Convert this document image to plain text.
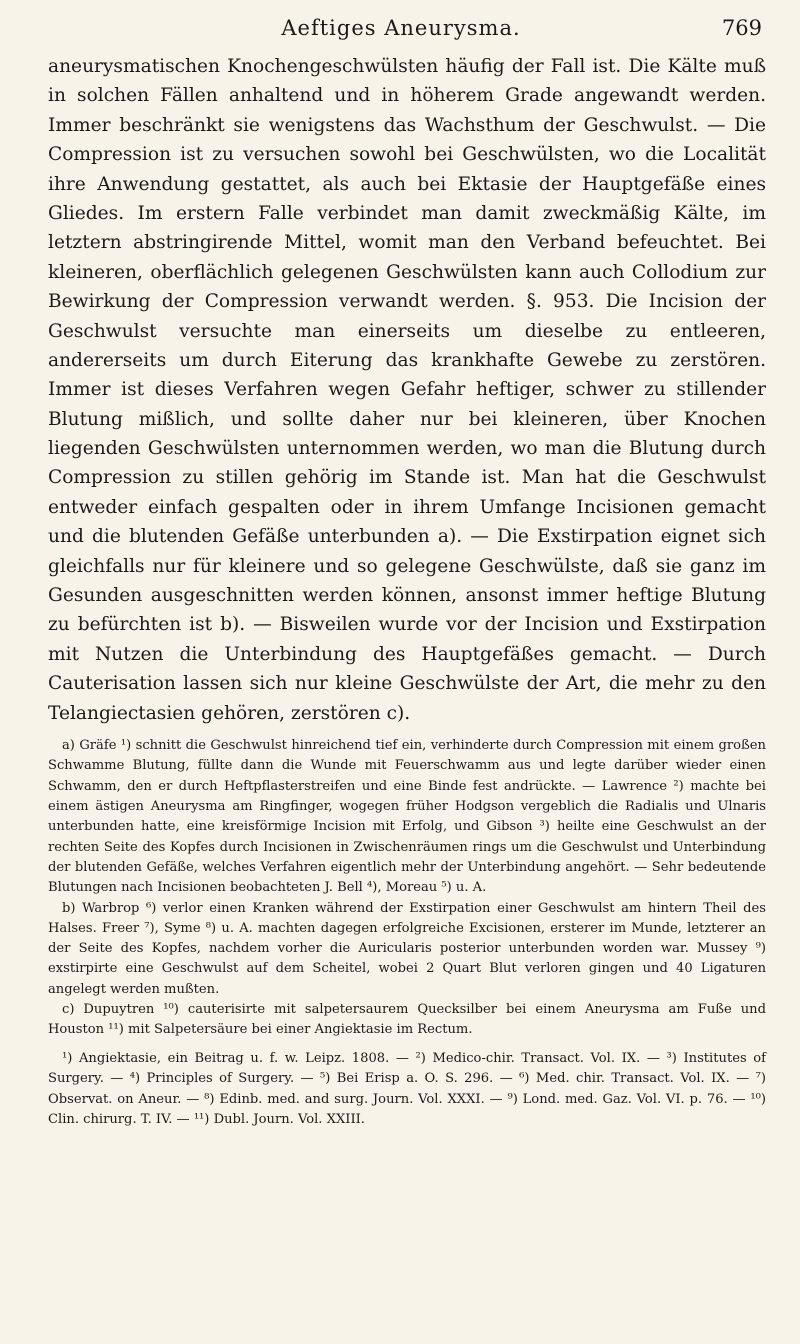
Aeftiges Aneurysma.	769

aneurysmatischen Knochengeschwülsten häufig der Fall ist. Die Kälte muß in solchen Fällen anhaltend und in höherem Grade angewandt werden. Immer beschränkt sie wenigstens das Wachsthum der Geschwulst. — Die Compression ist zu versuchen sowohl bei Geschwülsten, wo die Localität ihre Anwendung gestattet, als auch bei Ektasie der Hauptgefäße eines Gliedes. Im erstern Falle verbindet man damit zweckmäßig Kälte, im letztern abstringirende Mittel, womit man den Verband befeuchtet. Bei kleineren, oberflächlich gelegenen Geschwülsten kann auch Collodium zur Bewirkung der Compression verwandt werden. §. 953. Die Incision der Geschwulst versuchte man einerseits um dieselbe zu entleeren, andererseits um durch Eiterung das krankhafte Gewebe zu zerstören. Immer ist dieses Verfahren wegen Gefahr heftiger, schwer zu stillender Blutung mißlich, und sollte daher nur bei kleineren, über Knochen liegenden Geschwülsten unternommen werden, wo man die Blutung durch Compression zu stillen gehörig im Stande ist. Man hat die Geschwulst entweder einfach gespalten oder in ihrem Umfange Incisionen gemacht und die blutenden Gefäße unterbunden a). — Die Exstirpation eignet sich gleichfalls nur für kleinere und so gelegene Geschwülste, daß sie ganz im Gesunden ausgeschnitten werden können, ansonst immer heftige Blutung zu befürchten ist b). — Bisweilen wurde vor der Incision und Exstirpation mit Nutzen die Unterbindung des Hauptgefäßes gemacht. — Durch Cauterisation lassen sich nur kleine Geschwülste der Art, die mehr zu den Telangiectasien gehören, zerstören c).

a) Gräfe ¹) schnitt die Geschwulst hinreichend tief ein, verhinderte durch Compression mit einem großen Schwamme Blutung, füllte dann die Wunde mit Feuerschwamm aus und legte darüber wieder einen Schwamm, den er durch Heftpflasterstreifen und eine Binde fest andrückte. — Lawrence ²) machte bei einem ästigen Aneurysma am Ringfinger, wogegen früher Hodgson vergeblich die Radialis und Ulnaris unterbunden hatte, eine kreisförmige Incision mit Erfolg, und Gibson ³) heilte eine Geschwulst an der rechten Seite des Kopfes durch Incisionen in Zwischenräumen rings um die Geschwulst und Unterbindung der blutenden Gefäße, welches Verfahren eigentlich mehr der Unterbindung angehört. — Sehr bedeutende Blutungen nach Incisionen beobachteten J. Bell ⁴), Moreau ⁵) u. A.

b) Warbrop ⁶) verlor einen Kranken während der Exstirpation einer Geschwulst am hintern Theil des Halses. Freer ⁷), Syme ⁸) u. A. machten dagegen erfolgreiche Excisionen, ersterer im Munde, letzterer an der Seite des Kopfes, nachdem vorher die Auricularis posterior unterbunden worden war. Mussey ⁹) exstirpirte eine Geschwulst auf dem Scheitel, wobei 2 Quart Blut verloren gingen und 40 Ligaturen angelegt werden mußten.

c) Dupuytren ¹⁰) cauterisirte mit salpetersaurem Quecksilber bei einem Aneurysma am Fuße und Houston ¹¹) mit Salpetersäure bei einer Angiektasie im Rectum.

¹) Angiektasie, ein Beitrag u. f. w. Leipz. 1808. — ²) Medico-chir. Transact. Vol. IX. — ³) Institutes of Surgery. — ⁴) Principles of Surgery. — ⁵) Bei Eriѕp a. O. S. 296. — ⁶) Med. chir. Transact. Vol. IX. — ⁷) Observat. on Aneur. — ⁸) Edinb. med. and surg. Journ. Vol. XXXI. — ⁹) Lond. med. Gaz. Vol. VI. p. 76. — ¹⁰) Clin. chirurg. T. IV. — ¹¹) Dubl. Journ. Vol. XXIII.
